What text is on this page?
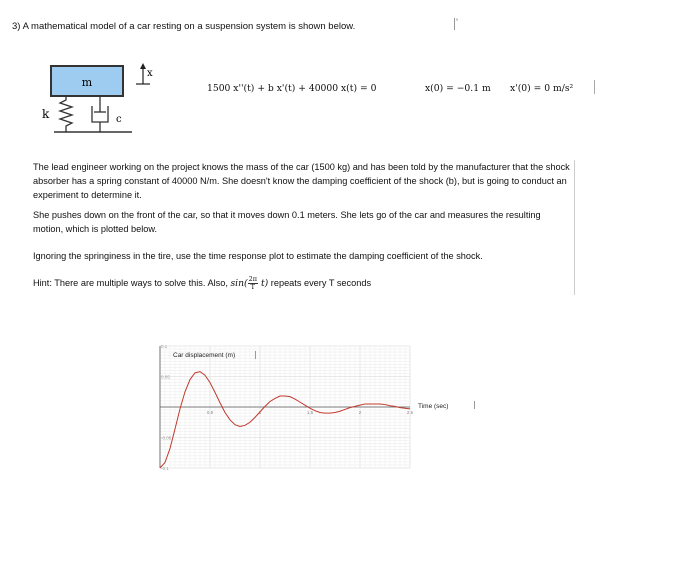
3) A mathematical model of a car resting on a suspension system is shown below.	ª
m
x
k	c
1500 x''(t) + b x'(t) + 40000 x(t) = 0	x(0) = −0.1 m x'(0) = 0 m/s²
The lead engineer working on the project knows the mass of the car (1500 kg) and has been told by the manufacturer that the shock absorber has a spring constant of 40000 N/m. She doesn't know the damping coefficient of the shock (b), but is going to conduct an experiment to determine it.
She pushes down on the front of the car, so that it moves down 0.1 meters. She lets go of the car and measures the resulting motion, which is plotted below.
Ignoring the springiness in the tire, use the time response plot to estimate the damping coefficient of the shock.
Hint: There are multiple ways to solve this. Also, $\sin( \frac{2\pi}{T} t)$ repeats every T seconds
0.5	1	1.5	2	2.5
0.1
0.05
-0.05
-0.1
Car displacement (m)
Time (sec)
